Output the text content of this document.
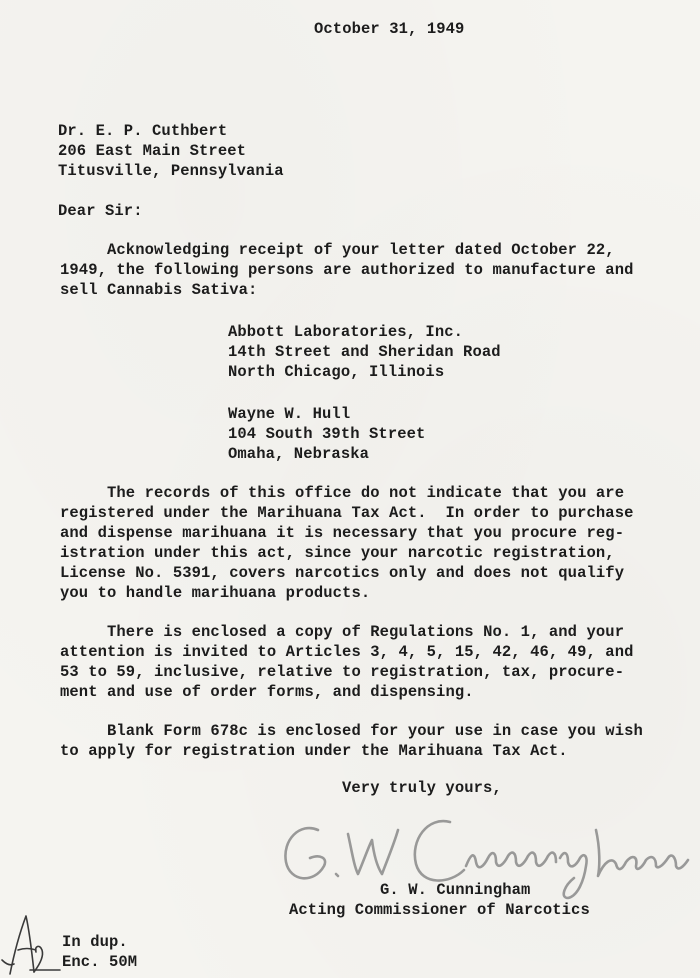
October 31, 1949
Dr. E. P. Cuthbert
206 East Main Street
Titusville, Pennsylvania
Dear Sir:
Acknowledging receipt of your letter dated October 22,
1949, the following persons are authorized to manufacture and
sell Cannabis Sativa:
Abbott Laboratories, Inc.
14th Street and Sheridan Road
North Chicago, Illinois
Wayne W. Hull
104 South 39th Street
Omaha, Nebraska
The records of this office do not indicate that you are
registered under the Marihuana Tax Act.  In order to purchase
and dispense marihuana it is necessary that you procure reg-
istration under this act, since your narcotic registration,
License No. 5391, covers narcotics only and does not qualify
you to handle marihuana products.
There is enclosed a copy of Regulations No. 1, and your
attention is invited to Articles 3, 4, 5, 15, 42, 46, 49, and
53 to 59, inclusive, relative to registration, tax, procure-
ment and use of order forms, and dispensing.
Blank Form 678c is enclosed for your use in case you wish
to apply for registration under the Marihuana Tax Act.
Very truly yours,
G. W. Cunningham
Acting Commissioner of Narcotics
In dup.
Enc. 50M
